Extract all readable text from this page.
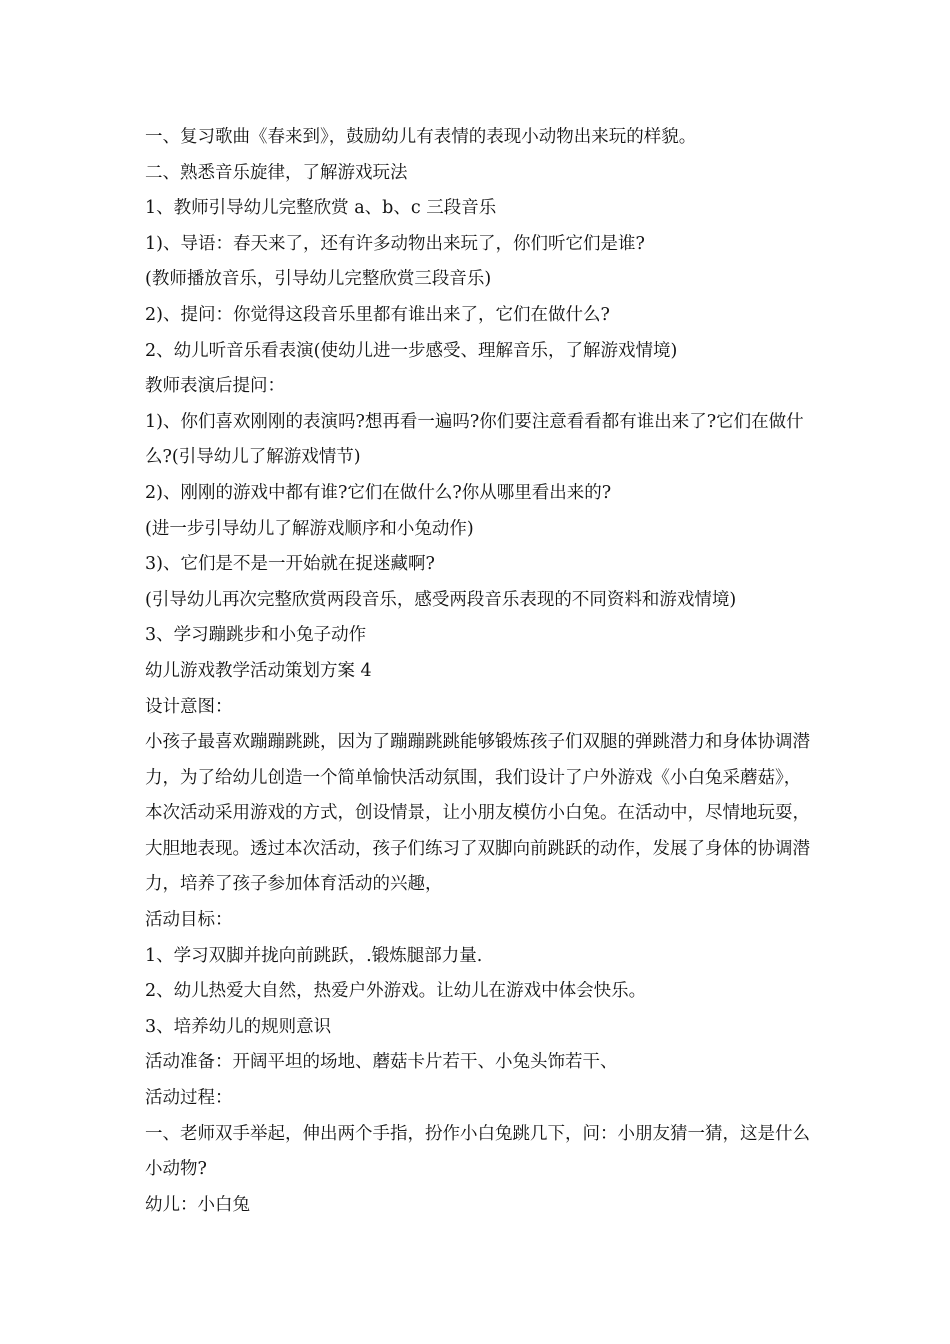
一、复习歌曲《春来到》，鼓励幼儿有表情的表现小动物出来玩的样貌。

二、熟悉音乐旋律，了解游戏玩法

1、教师引导幼儿完整欣赏 a、b、c 三段音乐

1)、导语：春天来了，还有许多动物出来玩了，你们听它们是谁?

(教师播放音乐，引导幼儿完整欣赏三段音乐)

2)、提问：你觉得这段音乐里都有谁出来了，它们在做什么?

2、幼儿听音乐看表演(使幼儿进一步感受、理解音乐，了解游戏情境)

教师表演后提问：

1)、你们喜欢刚刚的表演吗?想再看一遍吗?你们要注意看看都有谁出来了?它们在做什么?(引导幼儿了解游戏情节)

2)、刚刚的游戏中都有谁?它们在做什么?你从哪里看出来的?

(进一步引导幼儿了解游戏顺序和小兔动作)

3)、它们是不是一开始就在捉迷藏啊?

(引导幼儿再次完整欣赏两段音乐，感受两段音乐表现的不同资料和游戏情境)

3、学习蹦跳步和小兔子动作

幼儿游戏教学活动策划方案 4

设计意图：

小孩子最喜欢蹦蹦跳跳，因为了蹦蹦跳跳能够锻炼孩子们双腿的弹跳潜力和身体协调潜力，为了给幼儿创造一个简单愉快活动氛围，我们设计了户外游戏《小白兔采蘑菇》，本次活动采用游戏的方式，创设情景，让小朋友模仿小白兔。在活动中，尽情地玩耍，大胆地表现。透过本次活动，孩子们练习了双脚向前跳跃的动作，发展了身体的协调潜力，培养了孩子参加体育活动的兴趣，

活动目标：

1、学习双脚并拢向前跳跃，.锻炼腿部力量.

2、幼儿热爱大自然，热爱户外游戏。让幼儿在游戏中体会快乐。

3、培养幼儿的规则意识

活动准备：开阔平坦的场地、蘑菇卡片若干、小兔头饰若干、

活动过程：

一、老师双手举起，伸出两个手指，扮作小白兔跳几下，问：小朋友猜一猜，这是什么小动物?

幼儿：小白兔
